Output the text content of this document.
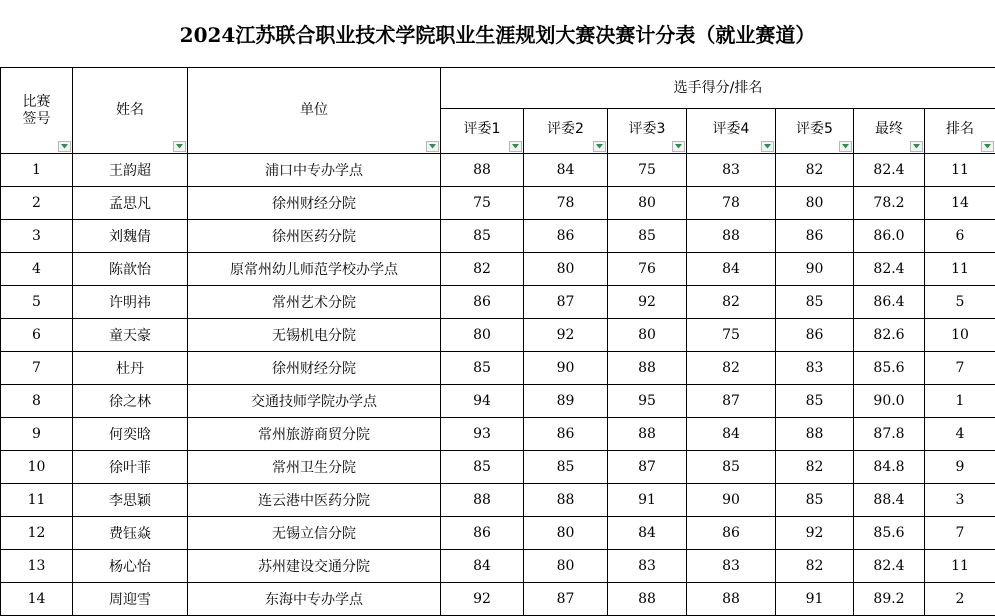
2024江苏联合职业技术学院职业生涯规划大赛决赛计分表（就业赛道）
比赛
签号	姓名	单位	选手得分/排名						
			评委1	评委2	评委3	评委4	评委5	最终	排名

1	王韵超	浦口中专办学点	88	84	75	83	82	82.4	11
2	孟思凡	徐州财经分院	75	78	80	78	80	78.2	14
3	刘魏倩	徐州医药分院	85	86	85	88	86	86.0	6
4	陈歆怡	原常州幼儿师范学校办学点	82	80	76	84	90	82.4	11
5	许明祎	常州艺术分院	86	87	92	82	85	86.4	5
6	童天豪	无锡机电分院	80	92	80	75	86	82.6	10
7	杜丹	徐州财经分院	85	90	88	82	83	85.6	7
8	徐之林	交通技师学院办学点	94	89	95	87	85	90.0	1
9	何奕晗	常州旅游商贸分院	93	86	88	84	88	87.8	4
10	徐叶菲	常州卫生分院	85	85	87	85	82	84.8	9
11	李思颖	连云港中医药分院	88	88	91	90	85	88.4	3
12	费钰焱	无锡立信分院	86	80	84	86	92	85.6	7
13	杨心怡	苏州建设交通分院	84	80	83	83	82	82.4	11
14	周迎雪	东海中专办学点	92	87	88	88	91	89.2	2
